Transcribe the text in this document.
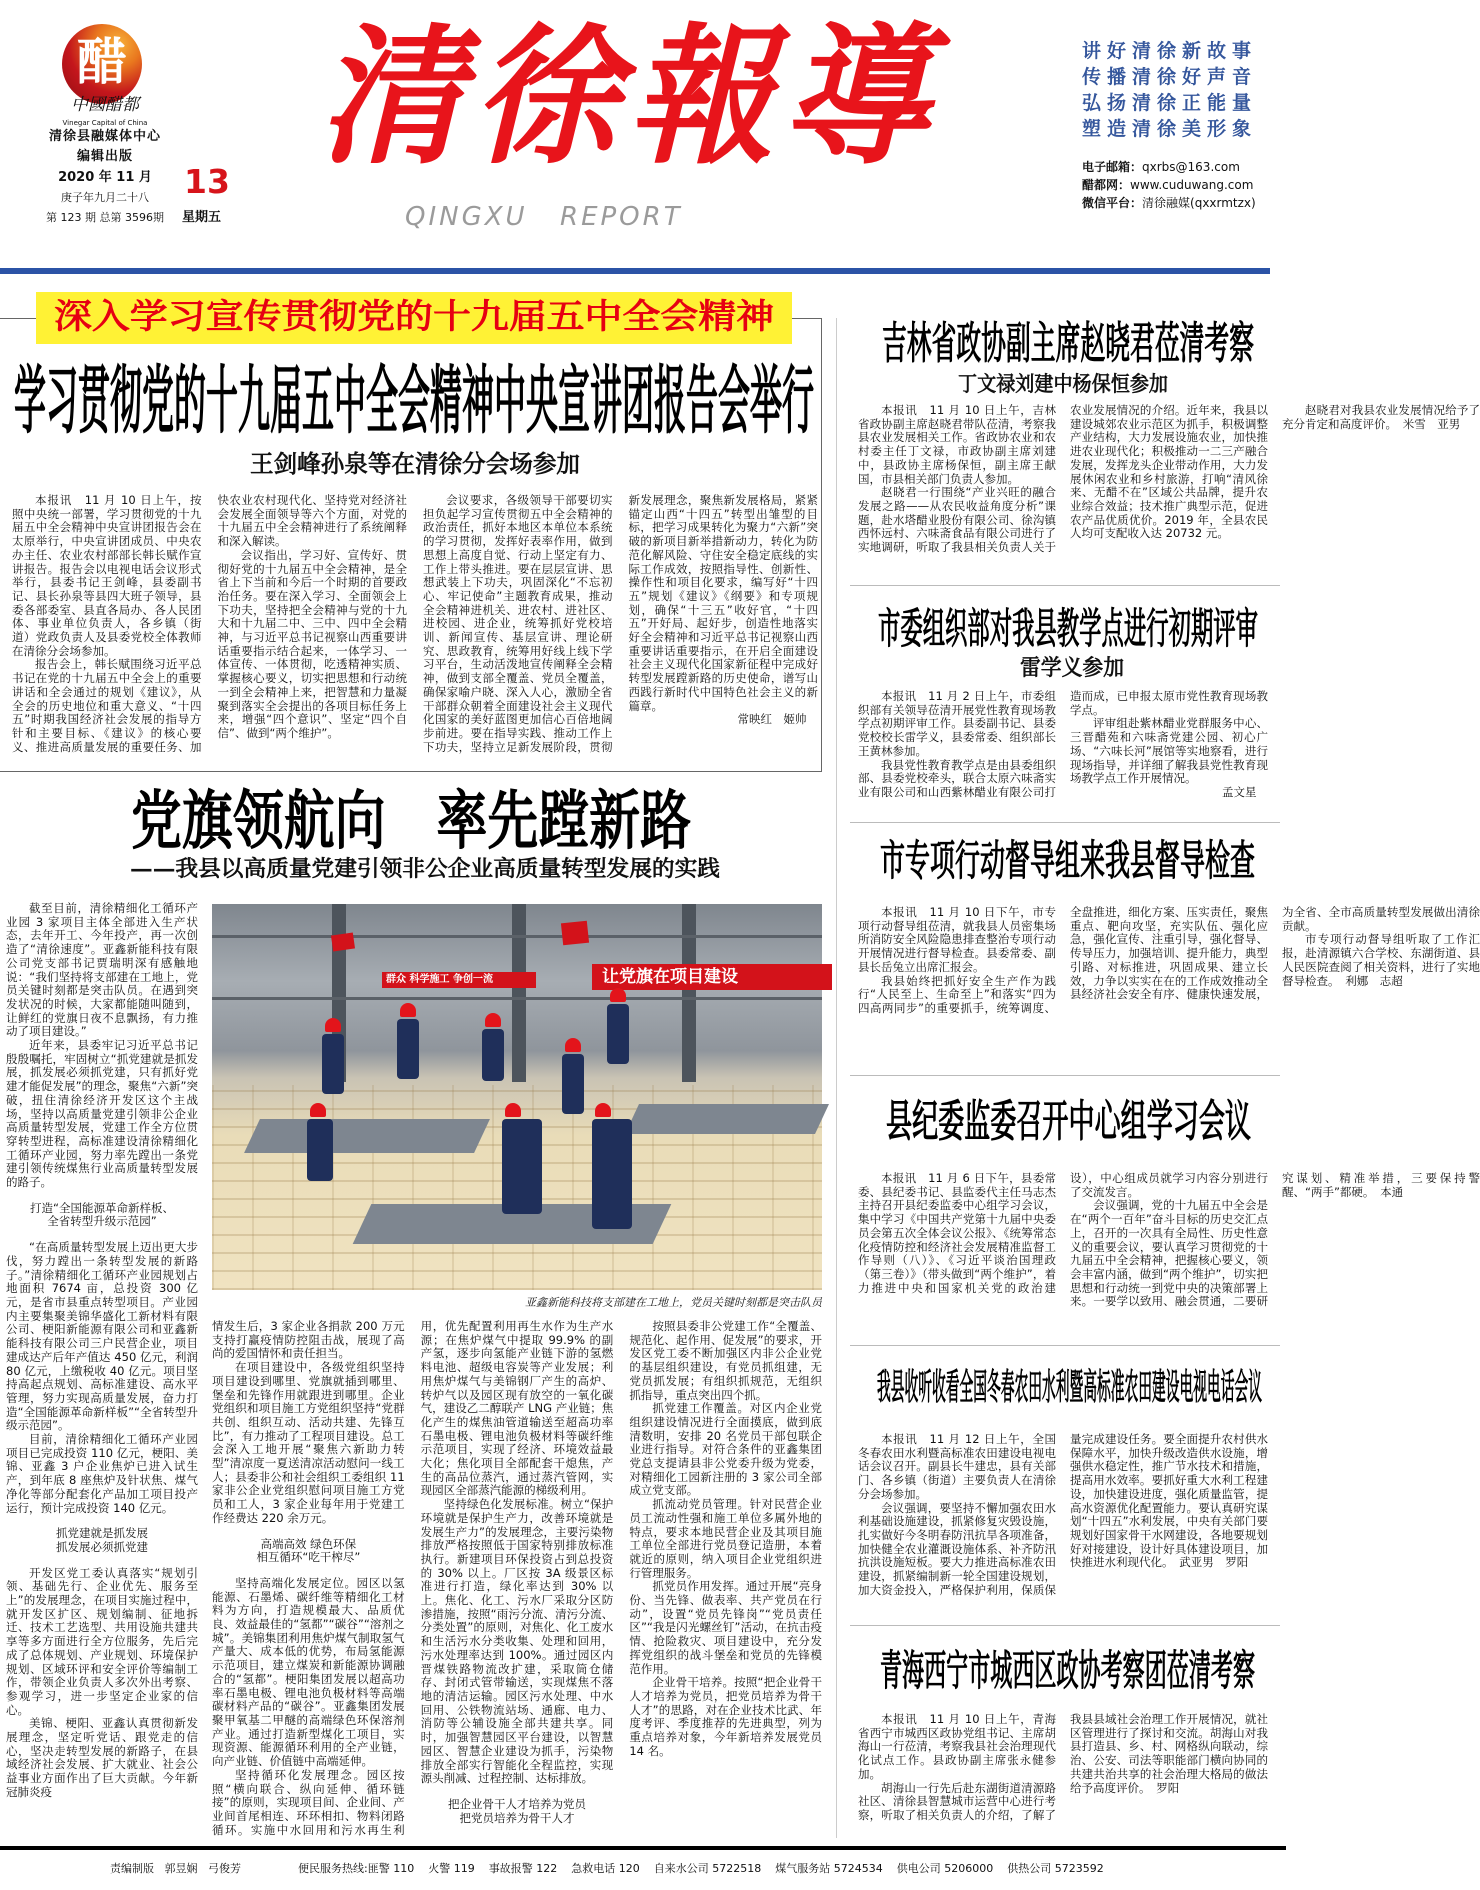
醋
中國醋都
Vinegar Capital of China
清徐县融媒体中心
编辑出版
2020 年 11 月
庚子年九月二十八
第 123 期 总第 3596期
13
星期五
清徐報導
QINGXU REPORT
讲好清徐新故事
传播清徐好声音
弘扬清徐正能量
塑造清徐美形象
电子邮箱：qxrbs@163.com
醋都网：www.cuduwang.com
微信平台：清徐融媒(qxxrmtzx)
深入学习宣传贯彻党的十九届五中全会精神
学习贯彻党的十九届五中全会精神中央宣讲团报告会举行
王剑峰孙泉等在清徐分会场参加

本报讯　11 月 10 日上午，按照中央统一部署，学习贯彻党的十九届五中全会精神中央宣讲团报告会在太原举行，中央宣讲团成员、中央农办主任、农业农村部部长韩长赋作宣讲报告。报告会以电视电话会议形式举行，县委书记王剑峰，县委副书记、县长孙泉等县四大班子领导，县委各部委室、县直各局办、各人民团体、事业单位负责人，各乡镇（街道）党政负责人及县委党校全体教师在清徐分会场参加。

报告会上，韩长赋围绕习近平总书记在党的十九届五中全会上的重要讲话和全会通过的规划《建议》，从全会的历史地位和重大意义、“十四五”时期我国经济社会发展的指导方针和主要目标、《建议》的核心要义、推进高质量发展的重要任务、加快农业农村现代化、坚持党对经济社会发展全面领导等六个方面，对党的十九届五中全会精神进行了系统阐释和深入解读。

会议指出，学习好、宣传好、贯彻好党的十九届五中全会精神，是全省上下当前和今后一个时期的首要政治任务。要在深入学习、全面领会上下功夫，坚持把全会精神与党的十九大和十九届二中、三中、四中全会精神，与习近平总书记视察山西重要讲话重要指示结合起来，一体学习、一体宣传、一体贯彻，吃透精神实质、掌握核心要义，切实把思想和行动统一到全会精神上来，把智慧和力量凝聚到落实全会提出的各项目标任务上来，增强“四个意识”、坚定“四个自信”、做到“两个维护”。

会议要求，各级领导干部要切实担负起学习宣传贯彻五中全会精神的政治责任，抓好本地区本单位本系统的学习贯彻，发挥好表率作用，做到思想上高度自觉、行动上坚定有力、工作上带头推进。要在层层宣讲、思想武装上下功夫，巩固深化“不忘初心、牢记使命”主题教育成果，推动全会精神进机关、进农村、进社区、进校园、进企业，统筹抓好党校培训、新闻宣传、基层宣讲、理论研究、思政教育，统筹用好线上线下学习平台，生动活泼地宣传阐释全会精神，做到支部全覆盖、党员全覆盖，确保家喻户晓、深入人心，激励全省干部群众朝着全面建设社会主义现代化国家的美好蓝图更加信心百倍地阔步前进。要在指导实践、推动工作上下功夫，坚持立足新发展阶段，贯彻新发展理念，聚焦新发展格局，紧紧锚定山西“十四五”转型出雏型的目标，把学习成果转化为聚力“六新”突破的新项目新举措新动力，转化为防范化解风险、守住安全稳定底线的实际工作成效，按照指导性、创新性、操作性和项目化要求，编写好“十四五”规划《建议》《纲要》和专项规划，确保“十三五”收好官，“十四五”开好局、起好步，创造性地落实好全会精神和习近平总书记视察山西重要讲话重要指示，在开启全面建设社会主义现代化国家新征程中完成好转型发展蹚新路的历史使命，谱写山西践行新时代中国特色社会主义的新篇章。

常映红　姬帅

党旗领航向　率先蹚新路
——我县以高质量党建引领非公企业高质量转型发展的实践
群众 科学施工 争创一流	让党旗在项目建设
亚鑫新能科技将支部建在工地上，党员关键时刻都是突击队员

截至目前，清徐精细化工循环产业园 3 家项目主体全部进入生产状态，去年开工、今年投产，再一次创造了“清徐速度”。亚鑫新能科技有限公司党支部书记贾瑞明深有感触地说：“我们坚持将支部建在工地上，党员关键时刻都是突击队员。在遇到突发状况的时候，大家都能随叫随到，让鲜红的党旗日夜不息飘扬，有力推动了项目建设。”

近年来，县委牢记习近平总书记殷殷嘱托，牢固树立“抓党建就是抓发展，抓发展必须抓党建，只有抓好党建才能促发展”的理念，聚焦“六新”突破，扭住清徐经济开发区这个主战场，坚持以高质量党建引领非公企业高质量转型发展，党建工作全方位贯穿转型进程，高标准建设清徐精细化工循环产业园，努力率先蹚出一条党建引领传统煤焦行业高质量转型发展的路子。

打造“全国能源革命新样板、
全省转型升级示范园”

“在高质量转型发展上迈出更大步伐，努力蹚出一条转型发展的新路子。”清徐精细化工循环产业园规划占地面积 7674 亩，总投资 300 亿元，是省市县重点转型项目。产业园内主要集聚美锦华盛化工新材料有限公司、梗阳新能源有限公司和亚鑫新能科技有限公司三户民营企业，项目建成达产后年产值达 450 亿元，利润 80 亿元，上缴税收 40 亿元。项目坚持高起点规划、高标准建设、高水平管理，努力实现高质量发展，奋力打造“全国能源革命新样板”“全省转型升级示范园”。

目前，清徐精细化工循环产业园项目已完成投资 110 亿元，梗阳、美锦、亚鑫 3 户企业焦炉已进入试生产，到年底 8 座焦炉及针状焦、煤气净化等部分配套化产品加工项目投产运行，预计完成投资 140 亿元。

抓党建就是抓发展
抓发展必须抓党建

开发区党工委认真落实“规划引领、基础先行、企业优先、服务至上”的发展理念，在项目实施过程中，就开发区扩区、规划编制、征地拆迁、技术工艺选型、共用设施共建共享等多方面进行全方位服务，先后完成了总体规划、产业规划、环境保护规划、区域环评和安全评价等编制工作，带领企业负责人多次外出考察、参观学习，进一步坚定企业家的信心。

美锦、梗阳、亚鑫认真贯彻新发展理念，坚定听党话、跟党走的信心，坚决走转型发展的新路子，在县域经济社会发展、扩大就业、社会公益事业方面作出了巨大贡献。今年新冠肺炎疫

情发生后，3 家企业各捐款 200 万元支持打赢疫情防控阻击战，展现了高尚的爱国情怀和责任担当。

在项目建设中，各级党组织坚持项目建设到哪里、党旗就插到哪里、堡垒和先锋作用就跟进到哪里。企业党组织和项目施工方党组织坚持“党群共创、组织互动、活动共建、先锋互比”，有力推动了工程项目建设。总工会深入工地开展“聚焦六新助力转型”清凉度一夏送清凉活动慰问一线工人；县委非公和社会组织工委组织 11 家非公企业党组织慰问项目施工方党员和工人，3 家企业每年用于党建工作经费达 220 余万元。

高端高效 绿色环保
相互循环“吃干榨尽”

坚持高端化发展定位。园区以氢能源、石墨烯、碳纤维等精细化工材料为方向，打造规模最大、品质优良、效益最佳的“氢都”“碳谷”“溶剂之城”。美锦集团利用焦炉煤气制取氢气产量大、成本低的优势，布局氢能源示范项目，建立煤炭和新能源协调融合的“氢都”。梗阳集团发展以超高功率石墨电极、锂电池负极材料等高端碳材料产品的“碳谷”。亚鑫集团发展聚甲氧基二甲醚的高端绿色环保溶剂产业。通过打造新型煤化工项目，实现资源、能源循环利用的全产业链，向产业链、价值链中高端延伸。

坚持循环化发展理念。园区按照“横向联合、纵向延伸、循环链接”的原则，实现项目间、企业间、产业间首尾相连、环环相扣、物料闭路循环。实施中水回用和污水再生利用，优先配置利用再生水作为生产水源；在焦炉煤气中提取 99.9% 的副产氢，逐步向氢能产业链下游的氢燃料电池、超级电容炭等产业发展；利用焦炉煤气与美锦钢厂产生的高炉、转炉气以及园区现有放空的一氧化碳气，建设乙二醇联产 LNG 产业链；焦化产生的煤焦油管道输送至超高功率石墨电极、锂电池负极材料等碳纤维示范项目，实现了经济、环境效益最大化；焦化项目全部配套干熄焦，产生的高品位蒸汽，通过蒸汽管网，实现园区全部蒸汽能源的梯级利用。

坚持绿色化发展标准。树立“保护环境就是保护生产力，改善环境就是发展生产力”的发展理念，主要污染物排放严格按照低于国家特别排放标准执行。新建项目环保投资占到总投资的 30% 以上。厂区按 3A 级景区标准进行打造，绿化率达到 30% 以上。焦化、化工、污水厂采取分区防渗措施，按照“雨污分流、清污分流、分类处置”的原则，对焦化、化工废水和生活污水分类收集、处理和回用，污水处理率达到 100%。通过园区内晋煤铁路物流改扩建，采取筒仓储存、封闭式管带输送，实现煤焦不落地的清洁运输。园区污水处理、中水回用、公铁物流站场、通廊、电力、消防等公辅设施全部共建共享。同时，加强智慧园区平台建设，以智慧园区、智慧企业建设为抓手，污染物排放全部实行智能化全程监控，实现源头削减、过程控制、达标排放。

把企业骨干人才培养为党员
把党员培养为骨干人才

按照县委非公党建工作“全覆盖、规范化、起作用、促发展”的要求，开发区党工委不断加强区内非公企业党的基层组织建设，有党员抓组建，无党员抓发展；有组织抓规范，无组织抓指导，重点突出四个抓。

抓党建工作覆盖。对区内企业党组织建设情况进行全面摸底，做到底清数明，安排 20 名党员干部包联企业进行指导。对符合条件的亚鑫集团党总支提请县非公党委升级为党委，对精细化工园新注册的 3 家公司全部成立党支部。

抓流动党员管理。针对民营企业员工流动性强和施工单位多属外地的特点，要求本地民营企业及其项目施工单位全部进行党员登记造册，本着就近的原则，纳入项目企业党组织进行管理服务。

抓党员作用发挥。通过开展“亮身份、当先锋、做表率、共产党员在行动”，设置“党员先锋岗”“党员责任区”“我是闪光螺丝钉”活动，在抗击疫情、抢险救灾、项目建设中，充分发挥党组织的战斗堡垒和党员的先锋模范作用。

企业骨干培养。按照“把企业骨干人才培养为党员，把党员培养为骨干人才”的思路，对在企业技术比武、年度考评、季度推荐的先进典型，列为重点培养对象，今年新培养发展党员 14 名。

吉林省政协副主席赵晓君莅清考察
丁文禄刘建中杨保恒参加

本报讯　11 月 10 日上午，吉林省政协副主席赵晓君带队莅清，考察我县农业发展相关工作。省政协农业和农村委主任丁文禄，市政协副主席刘建中，县政协主席杨保恒，副主席王献国，市县相关部门负责人参加。

赵晓君一行围绕“产业兴旺的融合发展之路——从农民收益角度分析”课题，赴水塔醋业股份有限公司、徐沟镇西怀远村、六味斋食品有限公司进行了实地调研，听取了我县相关负责人关于农业发展情况的介绍。近年来，我县以建设城郊农业示范区为抓手，积极调整产业结构，大力发展设施农业，加快推进农业现代化；积极推动一二三产融合发展，发挥龙头企业带动作用，大力发展休闲农业和乡村旅游，打响“清风徐来、无醋不在”区域公共品牌，提升农业综合效益；技术推广典型示范，促进农产品优质优价。2019 年，全县农民人均可支配收入达 20732 元。

赵晓君对我县农业发展情况给予了充分肯定和高度评价。　米雪　亚男

市委组织部对我县教学点进行初期评审
雷学义参加

本报讯　11 月 2 日上午，市委组织部有关领导莅清开展党性教育现场教学点初期评审工作。县委副书记、县委党校校长雷学义，县委常委、组织部长王黄林参加。

我县党性教育教学点是由县委组织部、县委党校牵头，联合太原六味斋实业有限公司和山西紫林醋业有限公司打造而成，已申报太原市党性教育现场教学点。

评审组赴紫林醋业党群服务中心、三晋醋苑和六味斋党建公园、初心广场、“六味长河”展馆等实地察看，进行现场指导，并详细了解我县党性教育现场教学点工作开展情况。

孟文星

市专项行动督导组来我县督导检查

本报讯　11 月 10 日下午，市专项行动督导组莅清，就我县人员密集场所消防安全风险隐患排查整治专项行动开展情况进行督导检查。县委常委、副县长岳兔立出席汇报会。

我县始终把抓好安全生产作为践行“人民至上、生命至上”和落实“四为四高两同步”的重要抓手，统筹调度、全盘推进，细化方案、压实责任，聚焦重点、靶向攻坚，充实队伍、强化应急，强化宣传、注重引导，强化督导、传导压力，加强培训、提升能力，典型引路、对标推进，巩固成果、建立长效，力争以实实在在的工作成效推动全县经济社会安全有序、健康快速发展，为全省、全市高质量转型发展做出清徐贡献。

市专项行动督导组听取了工作汇报，赴清源镇六合学校、东湖街道、县人民医院查阅了相关资料，进行了实地督导检查。　利娜　志超

县纪委监委召开中心组学习会议

本报讯　11 月 6 日下午，县委常委、县纪委书记、县监委代主任马志杰主持召开县纪委监委中心组学习会议，集中学习《中国共产党第十九届中央委员会第五次全体会议公报》、《统筹常态化疫情防控和经济社会发展精准监督工作导则（八）》、《习近平谈治国理政（第三卷）》（带头做到“两个维护”，着力推进中央和国家机关党的政治建设），中心组成员就学习内容分别进行了交流发言。

会议强调，党的十九届五中全会是在“两个一百年”奋斗目标的历史交汇点上，召开的一次具有全局性、历史性意义的重要会议，要认真学习贯彻党的十九届五中全会精神，把握核心要义，领会丰富内涵，做到“两个维护”，切实把思想和行动统一到党中央的决策部署上来。一要学以致用、融会贯通，二要研究谋划、精准举措，三要保持警醒、“两手”都硬。　本通

我县收听收看全国冬春农田水利暨高标准农田建设电视电话会议

本报讯　11 月 12 日上午，全国冬春农田水利暨高标准农田建设电视电话会议召开。副县长牛建忠，县有关部门、各乡镇（街道）主要负责人在清徐分会场参加。

会议强调，要坚持不懈加强农田水利基础设施建设，抓紧修复灾毁设施，扎实做好今冬明春防汛抗旱各项准备，加快健全农业灌溉设施体系、补齐防汛抗洪设施短板。要大力推进高标准农田建设，抓紧编制新一轮全国建设规划，加大资金投入，严格保护利用，保质保量完成建设任务。要全面提升农村供水保障水平，加快升级改造供水设施，增强供水稳定性，推广节水技术和措施，提高用水效率。要抓好重大水利工程建设，加快建设进度，强化质量监管，提高水资源优化配置能力。要认真研究谋划“十四五”水利发展，中央有关部门要规划好国家骨干水网建设，各地要规划好对接建设，设计好具体建设项目，加快推进水利现代化。　武亚男　罗阳

青海西宁市城西区政协考察团莅清考察

本报讯　11 月 10 日上午，青海省西宁市城西区政协党组书记、主席胡海山一行莅清，考察我县社会治理现代化试点工作。县政协副主席张永健参加。

胡海山一行先后赴东湖街道清源路社区、清徐县智慧城市运营中心进行考察，听取了相关负责人的介绍，了解了我县县域社会治理工作开展情况，就社区管理进行了探讨和交流。胡海山对我县打造县、乡、村、网格纵向联动，综治、公安、司法等职能部门横向协同的共建共治共享的社会治理大格局的做法给予高度评价。　罗阳

责编制版 郭昱娴 弓俊芳	便民服务热线:匪警 110 火警 119 事故报警 122 急救电话 120 自来水公司 5722518 煤气服务站 5724534 供电公司 5206000 供热公司 5723592
